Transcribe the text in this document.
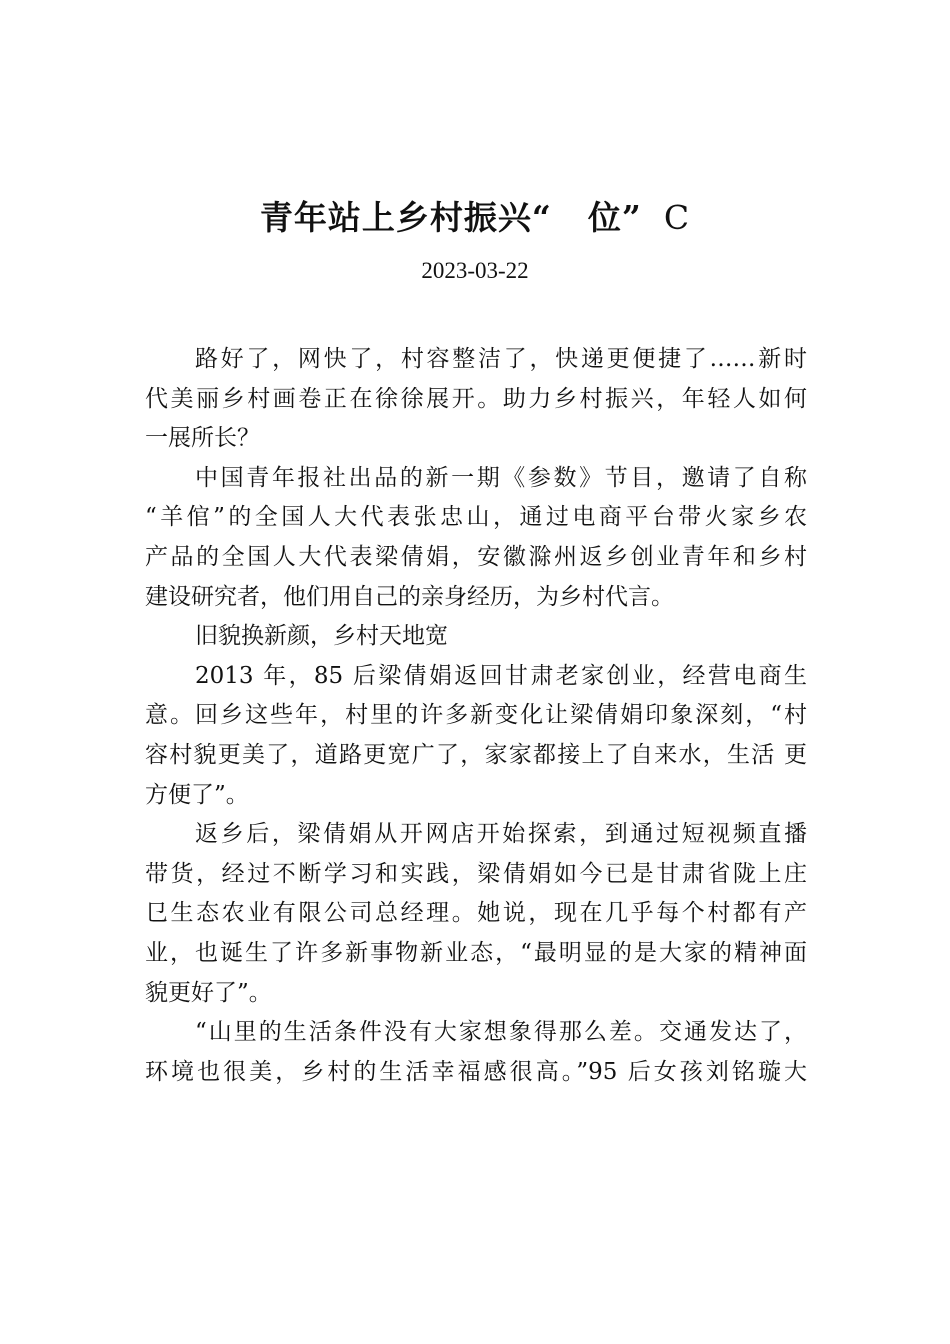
青年站上乡村振兴“ 位” C
2023-03-22
路好了，网快了，村容整洁了，快递更便捷了……新时
代美丽乡村画卷正在徐徐展开。助力乡村振兴，年轻人如何
一展所长？
中国青年报社出品的新一期《参数》节目，邀请了自称
“羊倌”的全国人大代表张忠山，通过电商平台带火家乡农
产品的全国人大代表梁倩娟，安徽滁州返乡创业青年和乡村
建设研究者，他们用自己的亲身经历，为乡村代言。
旧貌换新颜，乡村天地宽
2013 年，85 后梁倩娟返回甘肃老家创业，经营电商生
意。回乡这些年，村里的许多新变化让梁倩娟印象深刻，“村
容村貌更美了，道路更宽广了，家家都接上了自来水，生活 更
方便了”。
返乡后，梁倩娟从开网店开始探索，到通过短视频直播
带货，经过不断学习和实践，梁倩娟如今已是甘肃省陇上庄
㔾生态农业有限公司总经理。她说，现在几乎每个村都有产
业，也诞生了许多新事物新业态，“最明显的是大家的精神面
貌更好了”。
“山里的生活条件没有大家想象得那么差。交通发达了，
环境也很美，乡村的生活幸福感很高。”95 后女孩刘铭璇大
